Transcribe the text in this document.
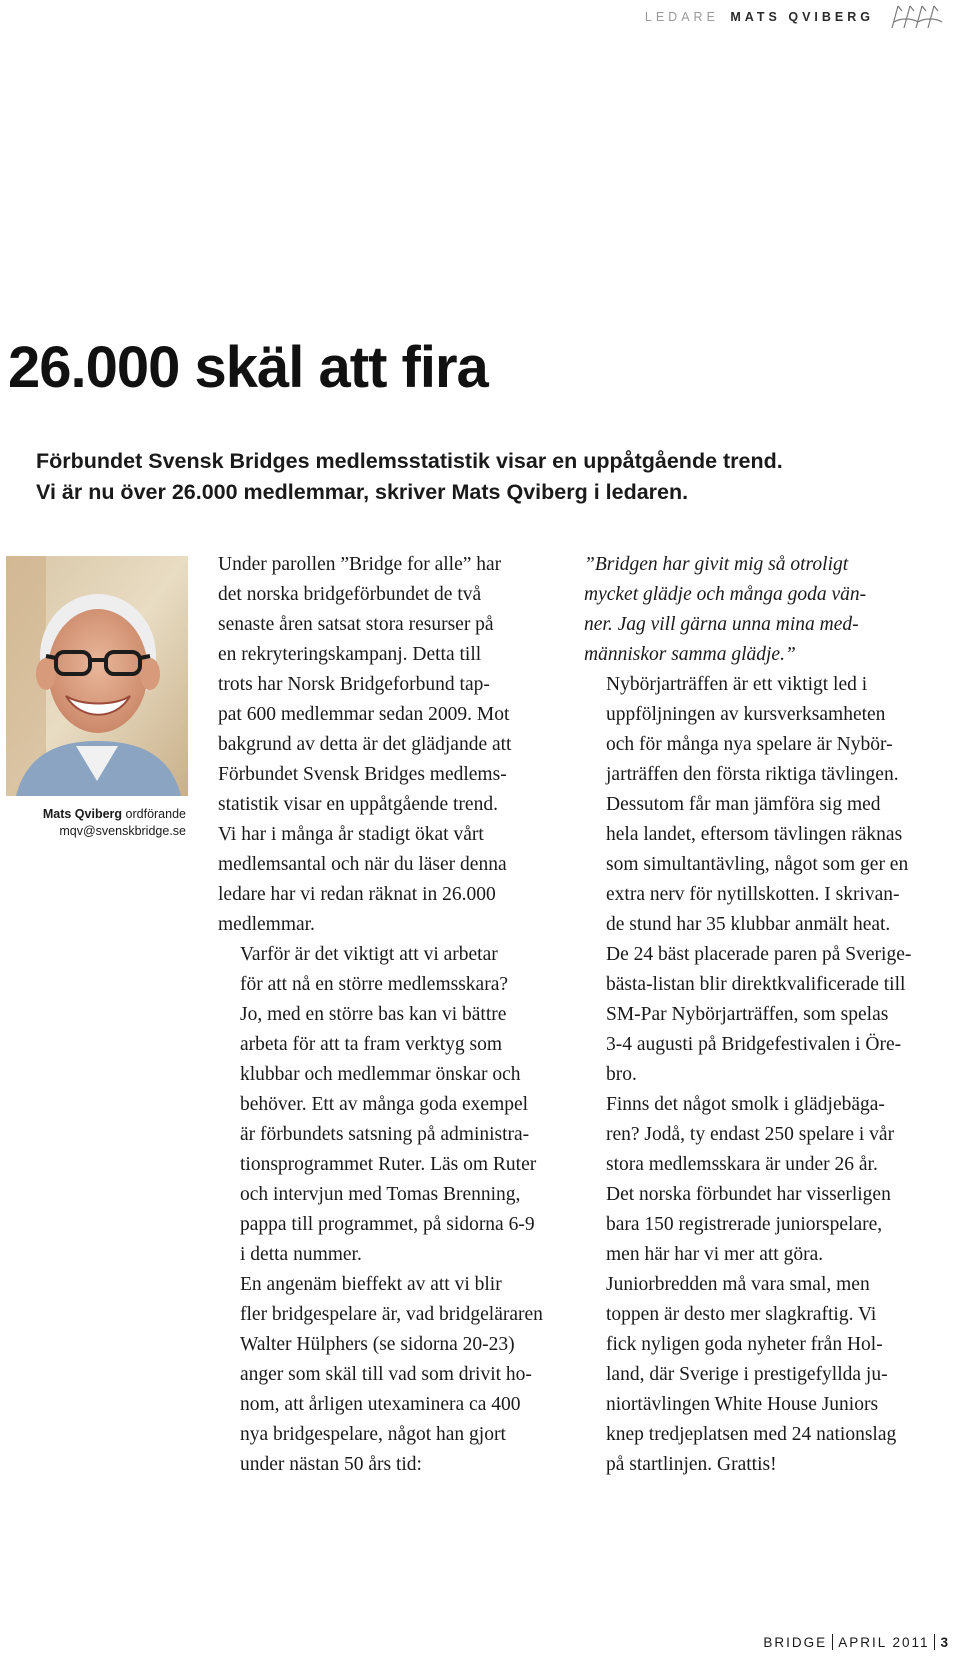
LEDARE MATS QVIBERG
26.000 skäl att fira
Förbundet Svensk Bridges medlemsstatistik visar en uppåtgående trend.
Vi är nu över 26.000 medlemmar, skriver Mats Qviberg i ledaren.
Mats Qviberg ordförande
mqv@svenskbridge.se

Under parollen ”Bridge for alle” har
det norska bridgeförbundet de två
senaste åren satsat stora resurser på
en rekryteringskampanj. Detta till
trots har Norsk Bridgeforbund tap-
pat 600 medlemmar sedan 2009. Mot
bakgrund av detta är det glädjande att
Förbundet Svensk Bridges medlems-
statistik visar en uppåtgående trend.
Vi har i många år stadigt ökat vårt
medlemsantal och när du läser denna
ledare har vi redan räknat in 26.000
medlemmar.

Varför är det viktigt att vi arbetar
för att nå en större medlemsskara?
Jo, med en större bas kan vi bättre
arbeta för att ta fram verktyg som
klubbar och medlemmar önskar och
behöver. Ett av många goda exempel
är förbundets satsning på administra-
tionsprogrammet Ruter. Läs om Ruter
och intervjun med Tomas Brenning,
pappa till programmet, på sidorna 6-9
i detta nummer.

En angenäm bieffekt av att vi blir
fler bridgespelare är, vad bridgeläraren
Walter Hülphers (se sidorna 20-23)
anger som skäl till vad som drivit ho-
nom, att årligen utexaminera ca 400
nya bridgespelare, något han gjort
under nästan 50 års tid:

”Bridgen har givit mig så otroligt
mycket glädje och många goda vän-
ner. Jag vill gärna unna mina med-
människor samma glädje.”

Nybörjarträffen är ett viktigt led i
uppföljningen av kursverksamheten
och för många nya spelare är Nybör-
jarträffen den första riktiga tävlingen.
Dessutom får man jämföra sig med
hela landet, eftersom tävlingen räknas
som simultantävling, något som ger en
extra nerv för nytillskotten. I skrivan-
de stund har 35 klubbar anmält heat.
De 24 bäst placerade paren på Sverige-
bästa-listan blir direktkvalificerade till
SM-Par Nybörjarträffen, som spelas
3-4 augusti på Bridgefestivalen i Öre-
bro.

Finns det något smolk i glädjebäga-
ren? Jodå, ty endast 250 spelare i vår
stora medlemsskara är under 26 år.
Det norska förbundet har visserligen
bara 150 registrerade juniorspelare,
men här har vi mer att göra.

Juniorbredden må vara smal, men
toppen är desto mer slagkraftig. Vi
fick nyligen goda nyheter från Hol-
land, där Sverige i prestigefyllda ju-
niortävlingen White House Juniors
knep tredjeplatsen med 24 nationslag
på startlinjen. Grattis!

BRIDGE APRIL 2011 3
